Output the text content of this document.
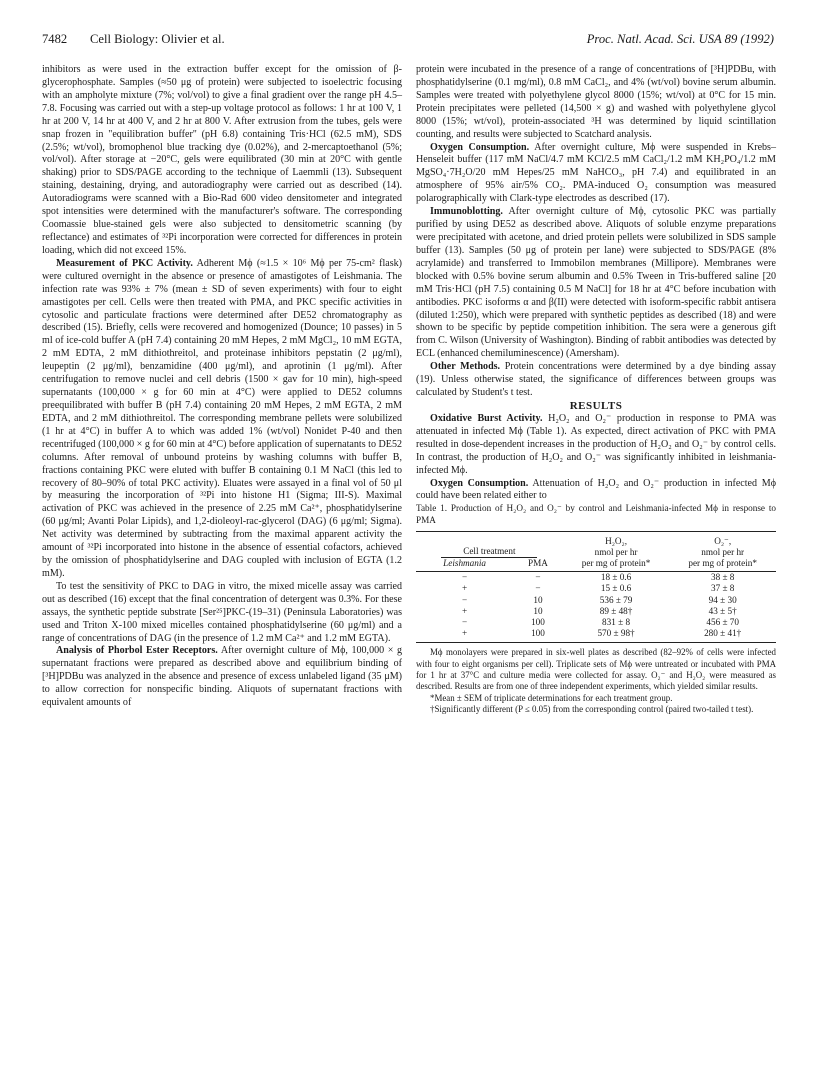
7482 Cell Biology: Olivier et al.	Proc. Natl. Acad. Sci. USA 89 (1992)

inhibitors as were used in the extraction buffer except for the omission of β-glycerophosphate. Samples (≈50 μg of protein) were subjected to isoelectric focusing with an ampholyte mixture (7%; vol/vol) to give a final gradient over the range pH 4.5–7.8. Focusing was carried out with a step-up voltage protocol as follows: 1 hr at 100 V, 1 hr at 200 V, 14 hr at 400 V, and 2 hr at 800 V. After extrusion from the tubes, gels were snap frozen in "equilibration buffer" (pH 6.8) containing Tris·HCl (62.5 mM), SDS (2.5%; wt/vol), bromophenol blue tracking dye (0.02%), and 2-mercaptoethanol (5%; vol/vol). After storage at −20°C, gels were equilibrated (30 min at 20°C with gentle shaking) prior to SDS/PAGE according to the technique of Laemmli (13). Subsequent staining, destaining, drying, and autoradiography were carried out as described (14). Autoradiograms were scanned with a Bio-Rad 600 video densitometer and integrated spot intensities were determined with the manufacturer's software. The corresponding Coomassie blue-stained gels were also subjected to densitometric scanning (by reflectance) and estimates of ³²Pi incorporation were corrected for differences in protein loading, which did not exceed 15%.

Measurement of PKC Activity. Adherent Mϕ (≈1.5 × 10⁶ Mϕ per 75-cm² flask) were cultured overnight in the absence or presence of amastigotes of Leishmania. The infection rate was 93% ± 7% (mean ± SD of seven experiments) with four to eight amastigotes per cell. Cells were then treated with PMA, and PKC specific activities in cytosolic and particulate fractions were determined after DE52 chromatography as described (15). Briefly, cells were recovered and homogenized (Dounce; 10 passes) in 5 ml of ice-cold buffer A (pH 7.4) containing 20 mM Hepes, 2 mM MgCl₂, 10 mM EGTA, 2 mM EDTA, 2 mM dithiothreitol, and proteinase inhibitors pepstatin (2 μg/ml), leupeptin (2 μg/ml), benzamidine (400 μg/ml), and aprotinin (1 μg/ml). After centrifugation to remove nuclei and cell debris (1500 × gav for 10 min), high-speed supernatants (100,000 × g for 60 min at 4°C) were applied to DE52 columns preequilibrated with buffer B (pH 7.4) containing 20 mM Hepes, 2 mM EGTA, 2 mM EDTA, and 2 mM dithiothreitol. The corresponding membrane pellets were solubilized (1 hr at 4°C) in buffer A to which was added 1% (wt/vol) Nonidet P-40 and then recentrifuged (100,000 × g for 60 min at 4°C) before application of supernatants to DE52 columns. After removal of unbound proteins by washing columns with buffer B, fractions containing PKC were eluted with buffer B containing 0.1 M NaCl (this led to recovery of 80–90% of total PKC activity). Eluates were assayed in a final vol of 50 μl by measuring the incorporation of ³²Pi into histone H1 (Sigma; III-S). Maximal activation of PKC was achieved in the presence of 2.25 mM Ca²⁺, phosphatidylserine (60 μg/ml; Avanti Polar Lipids), and 1,2-dioleoyl-rac-glycerol (DAG) (6 μg/ml; Sigma). Net activity was determined by subtracting from the maximal apparent activity the amount of ³²Pi incorporated into histone in the absence of essential cofactors, achieved by the omission of phosphatidylserine and DAG coupled with inclusion of EGTA (1.2 mM).

To test the sensitivity of PKC to DAG in vitro, the mixed micelle assay was carried out as described (16) except that the final concentration of detergent was 0.3%. For these assays, the synthetic peptide substrate [Ser²⁵]PKC-(19–31) (Peninsula Laboratories) was used and Triton X-100 mixed micelles contained phosphatidylserine (60 μg/ml) and a range of concentrations of DAG (in the presence of 1.2 mM Ca²⁺ and 1.2 mM EGTA).

Analysis of Phorbol Ester Receptors. After overnight culture of Mϕ, 100,000 × g supernatant fractions were prepared as described above and equilibrium binding of [³H]PDBu was analyzed in the absence and presence of excess unlabeled ligand (35 μM) to allow correction for nonspecific binding. Aliquots of supernatant fractions with equivalent amounts of

protein were incubated in the presence of a range of concentrations of [³H]PDBu, with phosphatidylserine (0.1 mg/ml), 0.8 mM CaCl₂, and 4% (wt/vol) bovine serum albumin. Samples were treated with polyethylene glycol 8000 (15%; wt/vol) at 0°C for 15 min. Protein precipitates were pelleted (14,500 × g) and washed with polyethylene glycol 8000 (15%; wt/vol), protein-associated ³H was determined by liquid scintillation counting, and results were subjected to Scatchard analysis.

Oxygen Consumption. After overnight culture, Mϕ were suspended in Krebs–Henseleit buffer (117 mM NaCl/4.7 mM KCl/2.5 mM CaCl₂/1.2 mM KH₂PO₄/1.2 mM MgSO₄·7H₂O/20 mM Hepes/25 mM NaHCO₃, pH 7.4) and equilibrated in an atmosphere of 95% air/5% CO₂. PMA-induced O₂ consumption was measured polarographically with Clark-type electrodes as described (17).

Immunoblotting. After overnight culture of Mϕ, cytosolic PKC was partially purified by using DE52 as described above. Aliquots of soluble enzyme preparations were precipitated with acetone, and dried protein pellets were solubilized in SDS sample buffer (13). Samples (50 μg of protein per lane) were subjected to SDS/PAGE (8% acrylamide) and transferred to Immobilon membranes (Millipore). Membranes were blocked with 0.5% bovine serum albumin and 0.5% Tween in Tris-buffered saline [20 mM Tris·HCl (pH 7.5) containing 0.5 M NaCl] for 18 hr at 4°C before incubation with antibodies. PKC isoforms α and β(II) were detected with isoform-specific rabbit antisera (diluted 1:250), which were prepared with synthetic peptides as described (18) and were shown to be specific by peptide competition inhibition. The sera were a generous gift from C. Wilson (University of Washington). Binding of rabbit antibodies was detected by ECL (enhanced chemiluminescence) (Amersham).

Other Methods. Protein concentrations were determined by a dye binding assay (19). Unless otherwise stated, the significance of differences between groups was calculated by Student's t test.

RESULTS

Oxidative Burst Activity. H₂O₂ and O₂⁻ production in response to PMA was attenuated in infected Mϕ (Table 1). As expected, direct activation of PKC with PMA resulted in dose-dependent increases in the production of H₂O₂ and O₂⁻ by control cells. In contrast, the production of H₂O₂ and O₂⁻ was significantly inhibited in leishmania-infected Mϕ.

Oxygen Consumption. Attenuation of H₂O₂ and O₂⁻ production in infected Mϕ could have been related either to

Table 1. Production of H₂O₂ and O₂⁻ by control and Leishmania-infected Mϕ in response to PMA

Cell treatment		H₂O₂,
nmol per hr	O₂⁻,
nmol per hr
Leishmania	PMA	per mg of protein*	per mg of protein*
−	−	18 ± 0.6	38 ± 8
+	−	15 ± 0.6	37 ± 8
−	10	536 ± 79	94 ± 30
+	10	89 ± 48†	43 ± 5†
−	100	831 ± 8	456 ± 70
+	100	570 ± 98†	280 ± 41†

Mϕ monolayers were prepared in six-well plates as described (82–92% of cells were infected with four to eight organisms per cell). Triplicate sets of Mϕ were untreated or incubated with PMA for 1 hr at 37°C and culture media were collected for assay. O₂⁻ and H₂O₂ were measured as described. Results are from one of three independent experiments, which yielded similar results.

*Mean ± SEM of triplicate determinations for each treatment group.

†Significantly different (P ≤ 0.05) from the corresponding control (paired two-tailed t test).
